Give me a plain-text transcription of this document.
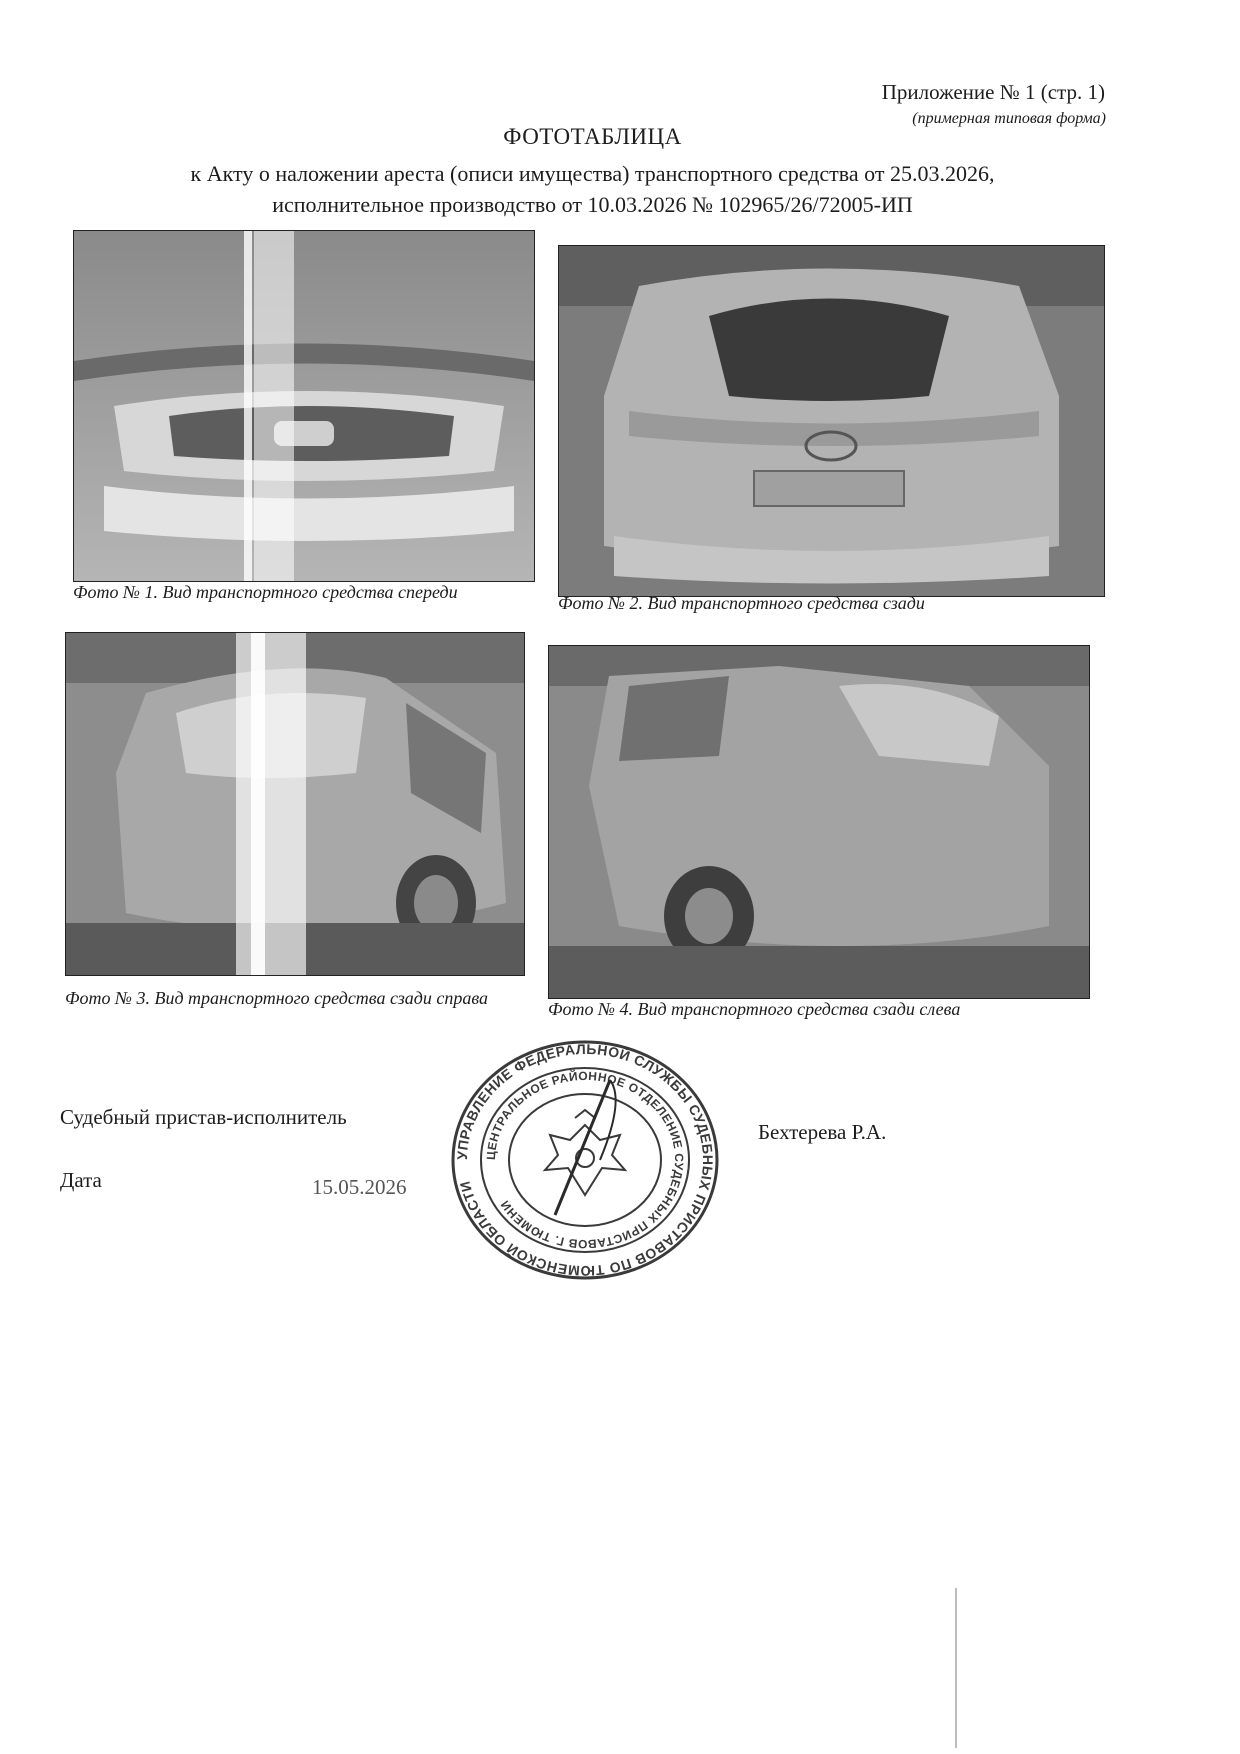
Приложение № 1 (стр. 1)
(примерная типовая форма)
ФОТОТАБЛИЦА
к Акту о наложении ареста (описи имущества) транспортного средства от 25.03.2026,
исполнительное производство от 10.03.2026 № 102965/26/72005-ИП
Фото № 1. Вид транспортного средства спереди
Фото № 2. Вид транспортного средства сзади
Фото № 3. Вид транспортного средства сзади справа
Фото № 4. Вид транспортного средства сзади слева
Судебный пристав-исполнитель
Бехтерева Р.А.
Дата	15.05.2026
УПРАВЛЕНИЕ ФЕДЕРАЛЬНОЙ СЛУЖБЫ СУДЕБНЫХ ПРИСТАВОВ ПО ТЮМЕНСКОЙ ОБЛАСТИ
ЦЕНТРАЛЬНОЕ РАЙОННОЕ ОТДЕЛЕНИЕ СУДЕБНЫХ ПРИСТАВОВ Г. ТЮМЕНИ
